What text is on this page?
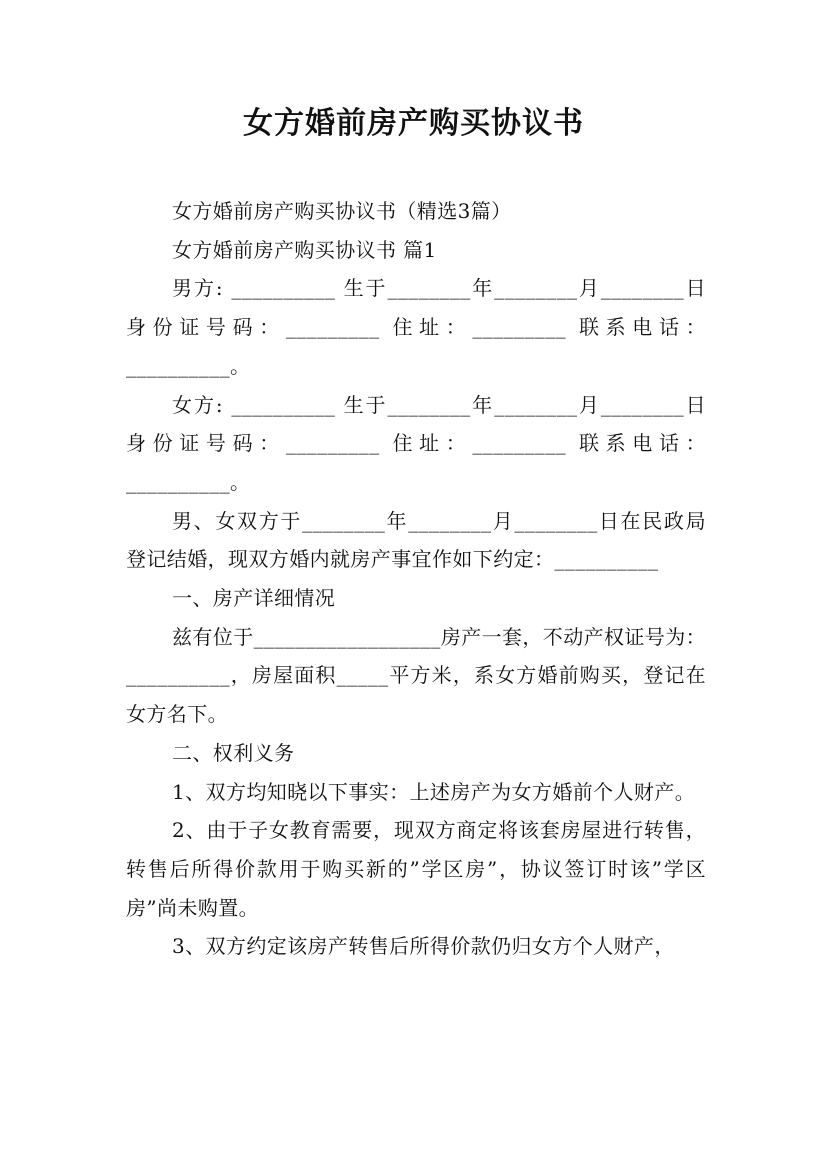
女方婚前房产购买协议书

女方婚前房产购买协议书（精选3篇）

女方婚前房产购买协议书 篇1

男方: __________ 生于________年________月________日 身份证号码：_________ 住址：_________ 联系电话：__________。

女方: __________ 生于________年________月________日 身份证号码：_________ 住址：_________ 联系电话：__________。

男、女双方于________年________月________日在民政局登记结婚，现双方婚内就房产事宜作如下约定：__________

一、房产详细情况

兹有位于__________________房产一套，不动产权证号为：__________，房屋面积_____平方米，系女方婚前购买，登记在女方名下。

二、权利义务

1、双方均知晓以下事实：上述房产为女方婚前个人财产。

2、由于子女教育需要，现双方商定将该套房屋进行转售，转售后所得价款用于购买新的”学区房”，协议签订时该”学区房”尚未购置。

3、双方约定该房产转售后所得价款仍归女方个人财产，
